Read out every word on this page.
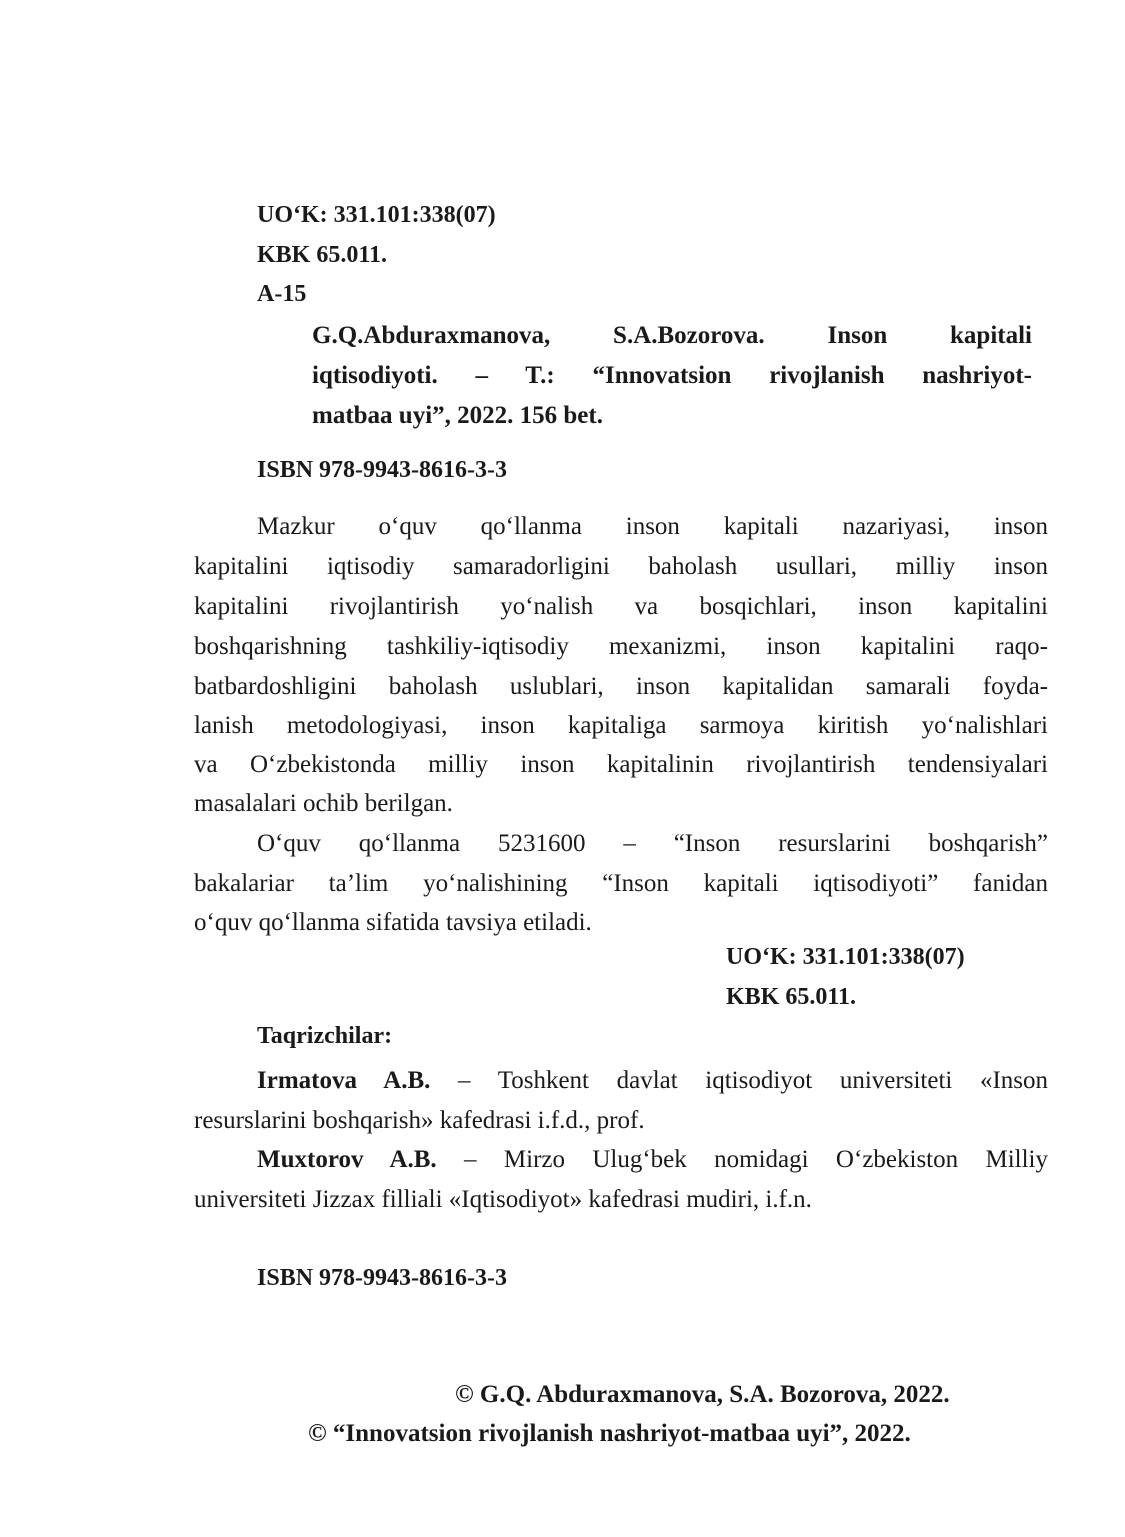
UO‘K: 331.101:338(07)
KBK 65.011.
A-15
G.Q.Abduraxmanova, S.A.Bozorova. Inson kapitali
iqtisodiyoti. – T.: “Innovatsion rivojlanish nashriyot-
matbaa uyi”, 2022. 156 bet.
ISBN 978-9943-8616-3-3
Mazkur o‘quv qo‘llanma inson kapitali nazariyasi, inson
kapitalini iqtisodiy samaradorligini baholash usullari, milliy inson
kapitalini rivojlantirish yo‘nalish va bosqichlari, inson kapitalini
boshqarishning tashkiliy-iqtisodiy mexanizmi, inson kapitalini raqo-
batbardoshligini baholash uslublari, inson kapitalidan samarali foyda-
lanish metodologiyasi, inson kapitaliga sarmoya kiritish yo‘nalishlari
va O‘zbekistonda milliy inson kapitalinin rivojlantirish tendensiyalari
masalalari ochib berilgan.
O‘quv qo‘llanma 5231600 – “Inson resurslarini boshqarish”
bakalariar ta’lim yo‘nalishining “Inson kapitali iqtisodiyoti” fanidan
o‘quv qo‘llanma sifatida tavsiya etiladi.
UO‘K: 331.101:338(07)
KBK 65.011.
Taqrizchilar:
Irmatova A.B. – Toshkent davlat iqtisodiyot universiteti «Inson
resurslarini boshqarish» kafedrasi i.f.d., prof.
Muxtorov A.B. – Mirzo Ulug‘bek nomidagi O‘zbekiston Milliy
universiteti Jizzax filliali «Iqtisodiyot» kafedrasi mudiri, i.f.n.
ISBN 978-9943-8616-3-3
© G.Q. Abduraxmanova, S.A. Bozorova, 2022.
© “Innovatsion rivojlanish nashriyot-matbaa uyi”, 2022.
